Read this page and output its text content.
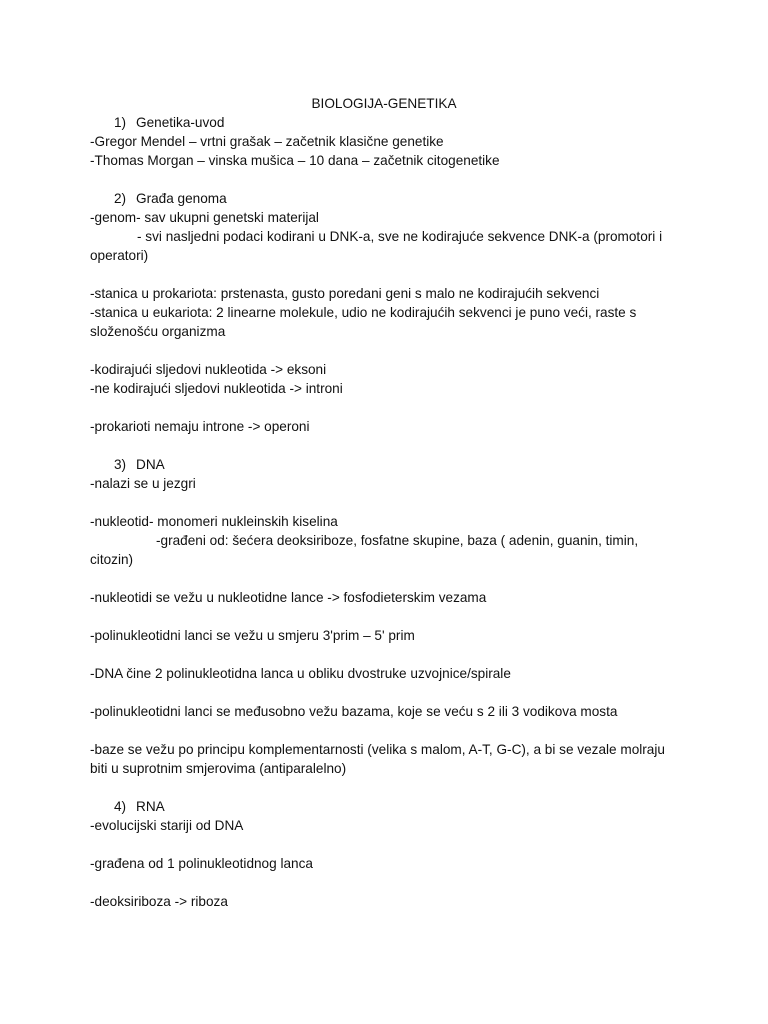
BIOLOGIJA-GENETIKA
1) Genetika-uvod
-Gregor Mendel – vrtni grašak – začetnik klasične genetike
-Thomas Morgan – vinska mušica – 10 dana – začetnik citogenetike
2) Građa genoma
-genom- sav ukupni genetski materijal
- svi nasljedni podaci kodirani u DNK-a, sve ne kodirajuće sekvence DNK-a (promotori i
operatori)
-stanica u prokariota: prstenasta, gusto poredani geni s malo ne kodirajućih sekvenci
-stanica u eukariota: 2 linearne molekule, udio ne kodirajućih sekvenci je puno veći, raste s
složenošću organizma
-kodirajući sljedovi nukleotida -> eksoni
-ne kodirajući sljedovi nukleotida -> introni
-prokarioti nemaju introne -> operoni
3) DNA
-nalazi se u jezgri
-nukleotid- monomeri nukleinskih kiselina
-građeni od: šećera deoksiriboze, fosfatne skupine, baza ( adenin, guanin, timin,
citozin)
-nukleotidi se vežu u nukleotidne lance -> fosfodieterskim vezama
-polinukleotidni lanci se vežu u smjeru 3'prim – 5' prim
-DNA čine 2 polinukleotidna lanca u obliku dvostruke uzvojnice/spirale
-polinukleotidni lanci se međusobno vežu bazama, koje se veću s 2 ili 3 vodikova mosta
-baze se vežu po principu komplementarnosti (velika s malom, A-T, G-C), a bi se vezale molraju
biti u suprotnim smjerovima (antiparalelno)
4) RNA
-evolucijski stariji od DNA
-građena od 1 polinukleotidnog lanca
-deoksiriboza -> riboza
